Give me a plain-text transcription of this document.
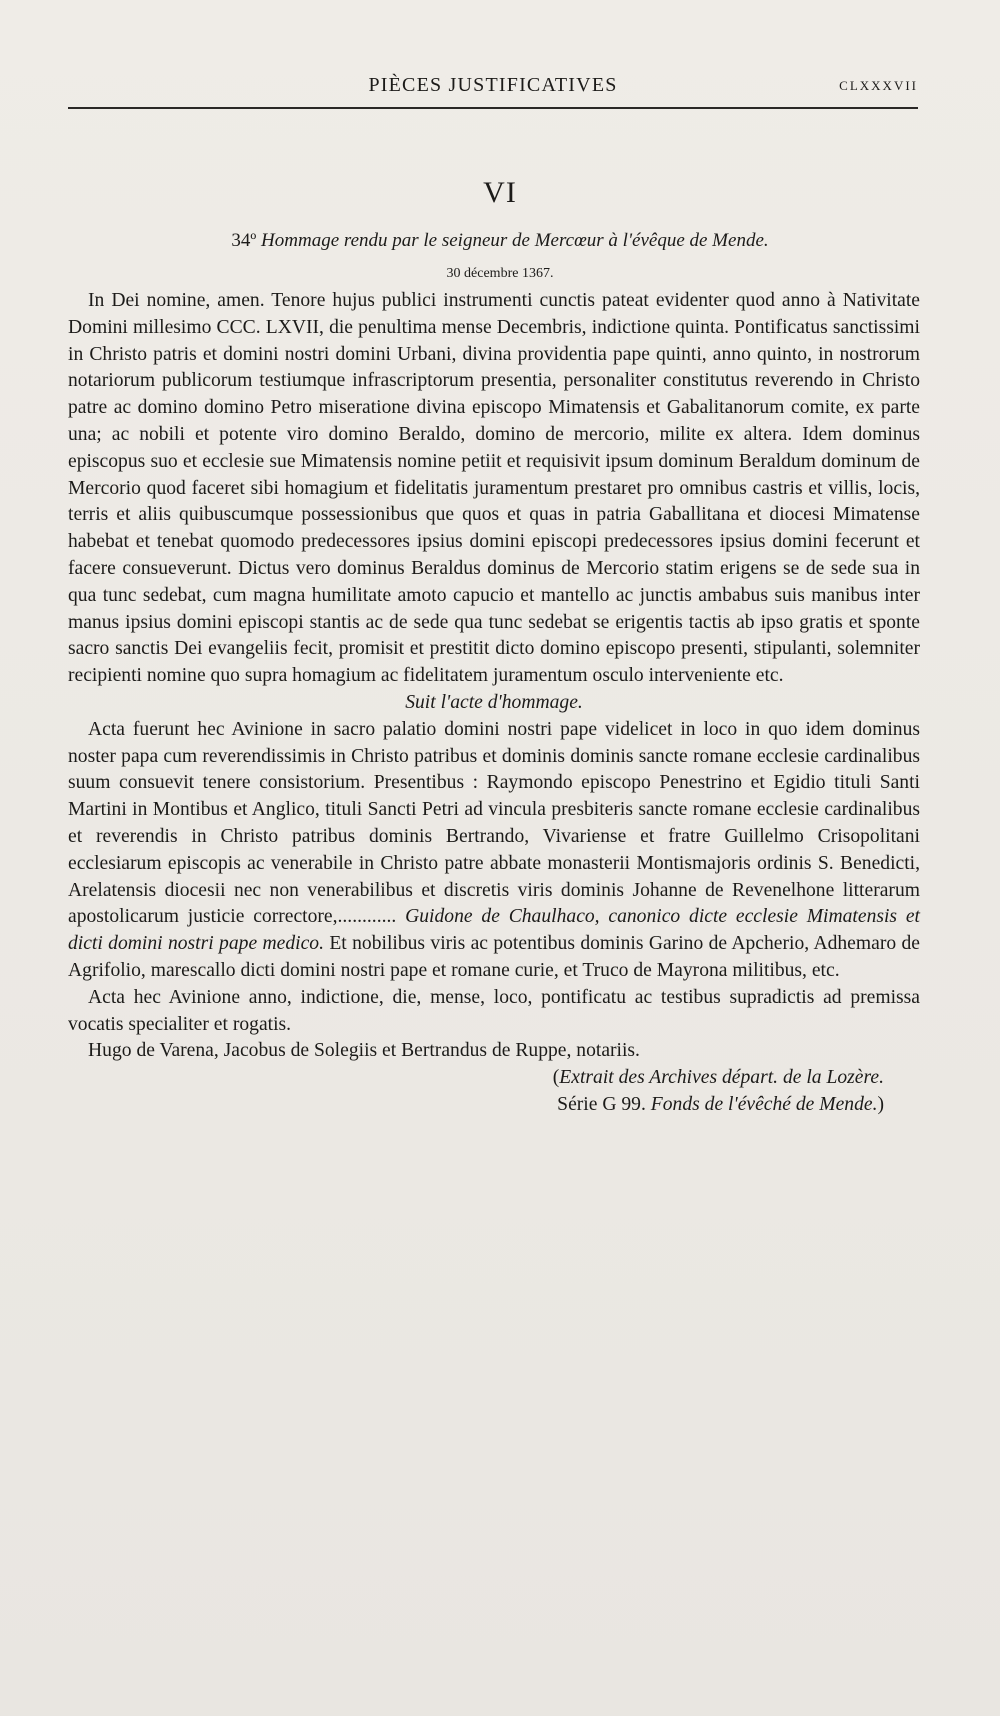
PIÈCES JUSTIFICATIVES	CLXXXVII
VI
34º Hommage rendu par le seigneur de Mercœur à l'évêque de Mende.
30 décembre 1367.

In Dei nomine, amen. Tenore hujus publici instrumenti cunctis pateat evidenter quod anno à Nativitate Domini millesimo CCC. LXVII, die penultima mense Decembris, indictione quinta. Pontificatus sanctissimi in Christo patris et domini nostri domini Urbani, divina providentia pape quinti, anno quinto, in nostrorum notariorum publicorum testiumque infrascriptorum presentia, personaliter constitutus reverendo in Christo patre ac domino domino Petro miseratione divina episcopo Mimatensis et Gabalitanorum comite, ex parte una; ac nobili et potente viro domino Beraldo, domino de mercorio, milite ex altera. Idem dominus episcopus suo et ecclesie sue Mimatensis nomine petiit et requisivit ipsum dominum Beraldum dominum de Mercorio quod faceret sibi homagium et fidelitatis juramentum prestaret pro omnibus castris et villis, locis, terris et aliis quibuscumque possessionibus que quos et quas in patria Gaballitana et diocesi Mimatense habebat et tenebat quomodo predecessores ipsius domini episcopi predecessores ipsius domini fecerunt et facere consueverunt. Dictus vero dominus Beraldus dominus de Mercorio statim erigens se de sede sua in qua tunc sedebat, cum magna humilitate amoto capucio et mantello ac junctis ambabus suis manibus inter manus ipsius domini episcopi stantis ac de sede qua tunc sedebat se erigentis tactis ab ipso gratis et sponte sacro sanctis Dei evangeliis fecit, promisit et prestitit dicto domino episcopo presenti, stipulanti, solemniter recipienti nomine quo supra homagium ac fidelitatem juramentum osculo interveniente etc.

Suit l'acte d'hommage.

Acta fuerunt hec Avinione in sacro palatio domini nostri pape videlicet in loco in quo idem dominus noster papa cum reverendissimis in Christo patribus et dominis dominis sancte romane ecclesie cardinalibus suum consuevit tenere consistorium. Presentibus : Raymondo episcopo Penestrino et Egidio tituli Santi Martini in Montibus et Anglico, tituli Sancti Petri ad vincula presbiteris sancte romane ecclesie cardinalibus et reverendis in Christo patribus dominis Bertrando, Vivariense et fratre Guillelmo Crisopolitani ecclesiarum episcopis ac venerabile in Christo patre abbate monasterii Montismajoris ordinis S. Benedicti, Arelatensis diocesii nec non venerabilibus et discretis viris dominis Johanne de Revenelhone litterarum apostolicarum justicie correctore,............ Guidone de Chaulhaco, canonico dicte ecclesie Mimatensis et dicti domini nostri pape medico. Et nobilibus viris ac potentibus dominis Garino de Apcherio, Adhemaro de Agrifolio, marescallo dicti domini nostri pape et romane curie, et Truco de Mayrona militibus, etc.

Acta hec Avinione anno, indictione, die, mense, loco, pontificatu ac testibus supradictis ad premissa vocatis specialiter et rogatis.

Hugo de Varena, Jacobus de Solegiis et Bertrandus de Ruppe, notariis.

(Extrait des Archives départ. de la Lozère.

Série G 99. Fonds de l'évêché de Mende.)
